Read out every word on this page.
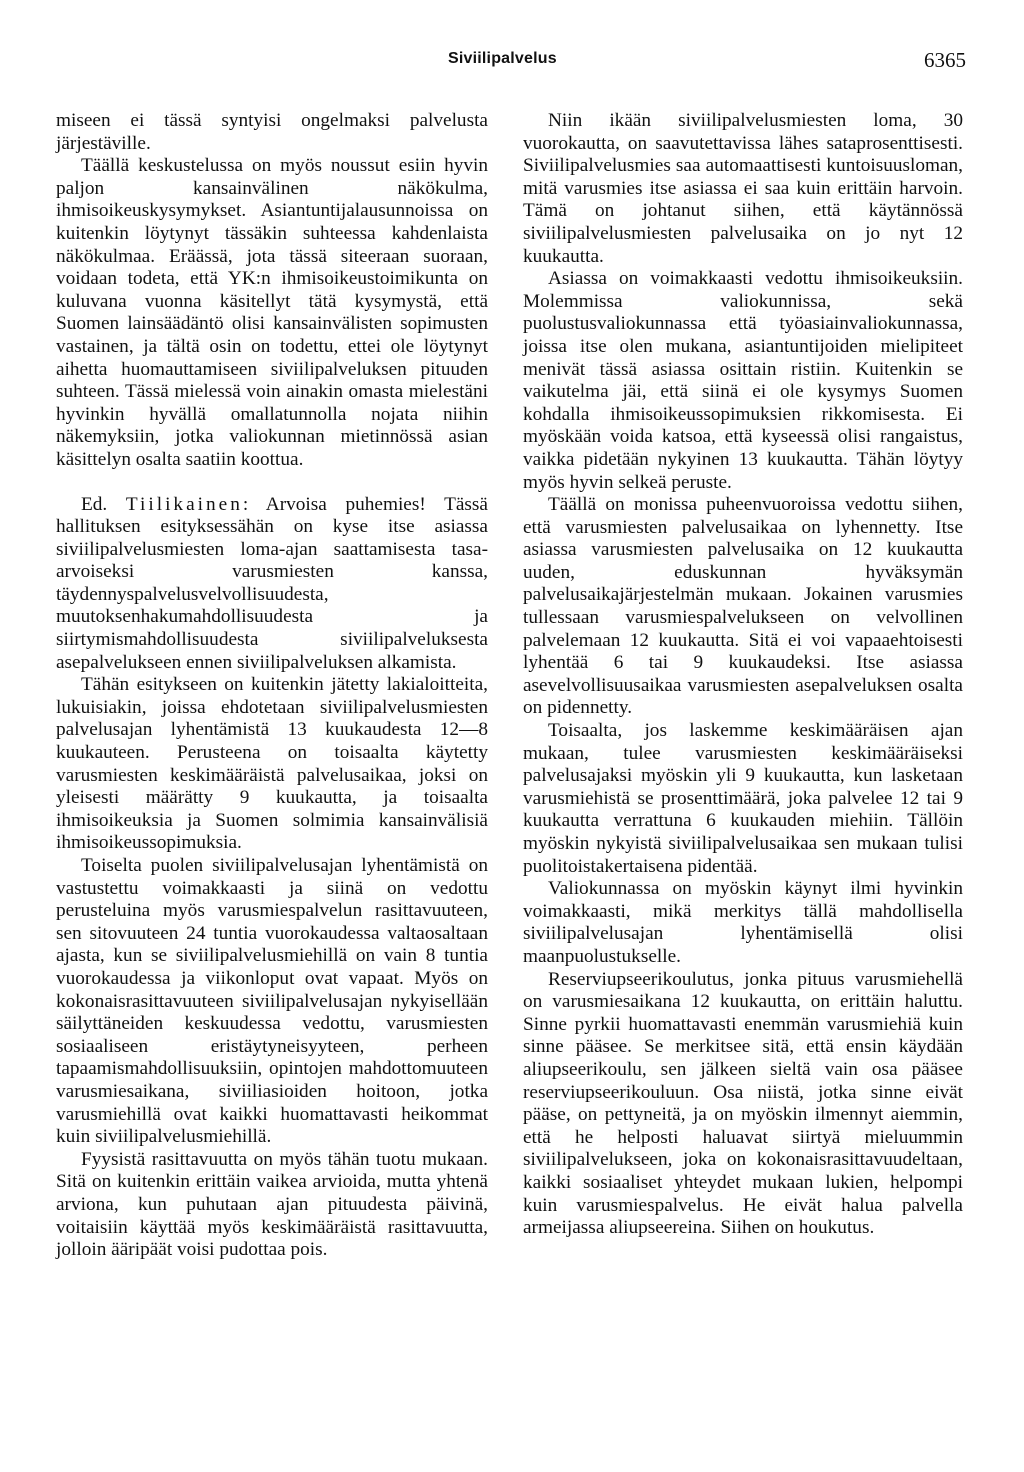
Siviilipalvelus	6365

miseen ei tässä syntyisi ongelmaksi palvelusta järjestäville.

Täällä keskustelussa on myös noussut esiin hyvin paljon kansainvälinen näkökulma, ihmisoikeuskysymykset. Asiantuntijalausunnoissa on kuitenkin löytynyt tässäkin suhteessa kahdenlaista näkökulmaa. Eräässä, jota tässä siteeraan suoraan, voidaan todeta, että YK:n ihmisoikeustoimikunta on kuluvana vuonna käsitellyt tätä kysymystä, että Suomen lainsäädäntö olisi kansainvälisten sopimusten vastainen, ja tältä osin on todettu, ettei ole löytynyt aihetta huomauttamiseen siviilipalveluksen pituuden suhteen. Tässä mielessä voin ainakin omasta mielestäni hyvinkin hyvällä omallatunnolla nojata niihin näkemyksiin, jotka valiokunnan mietinnössä asian käsittelyn osalta saatiin koottua.

Ed. Tiilikainen: Arvoisa puhemies! Tässä hallituksen esityksessähän on kyse itse asiassa siviilipalvelusmiesten loma-ajan saattamisesta tasa-arvoiseksi varusmiesten kanssa, täydennyspalvelusvelvollisuudesta, muutoksenhakumahdollisuudesta ja siirtymismahdollisuudesta siviilipalveluksesta asepalvelukseen ennen siviilipalveluksen alkamista.

Tähän esitykseen on kuitenkin jätetty lakialoitteita, lukuisiakin, joissa ehdotetaan siviilipalvelusmiesten palvelusajan lyhentämistä 13 kuukaudesta 12—8 kuukauteen. Perusteena on toisaalta käytetty varusmiesten keskimääräistä palvelusaikaa, joksi on yleisesti määrätty 9 kuukautta, ja toisaalta ihmisoikeuksia ja Suomen solmimia kansainvälisiä ihmisoikeussopimuksia.

Toiselta puolen siviilipalvelusajan lyhentämistä on vastustettu voimakkaasti ja siinä on vedottu perusteluina myös varusmiespalvelun rasittavuuteen, sen sitovuuteen 24 tuntia vuorokaudessa valtaosaltaan ajasta, kun se siviilipalvelusmiehillä on vain 8 tuntia vuorokaudessa ja viikonloput ovat vapaat. Myös on kokonaisrasittavuuteen siviilipalvelusajan nykyisellään säilyttäneiden keskuudessa vedottu, varusmiesten sosiaaliseen eristäytyneisyyteen, perheen tapaamismahdollisuuksiin, opintojen mahdottomuuteen varusmiesaikana, siviiliasioiden hoitoon, jotka varusmiehillä ovat kaikki huomattavasti heikommat kuin siviilipalvelusmiehillä.

Fyysistä rasittavuutta on myös tähän tuotu mukaan. Sitä on kuitenkin erittäin vaikea arvioida, mutta yhtenä arviona, kun puhutaan ajan pituudesta päivinä, voitaisiin käyttää myös keskimääräistä rasittavuutta, jolloin ääripäät voisi pudottaa pois.

Niin ikään siviilipalvelusmiesten loma, 30 vuorokautta, on saavutettavissa lähes sataprosenttisesti. Siviilipalvelusmies saa automaattisesti kuntoisuusloman, mitä varusmies itse asiassa ei saa kuin erittäin harvoin. Tämä on johtanut siihen, että käytännössä siviilipalvelusmiesten palvelusaika on jo nyt 12 kuukautta.

Asiassa on voimakkaasti vedottu ihmisoikeuksiin. Molemmissa valiokunnissa, sekä puolustusvaliokunnassa että työasiainvaliokunnassa, joissa itse olen mukana, asiantuntijoiden mielipiteet menivät tässä asiassa osittain ristiin. Kuitenkin se vaikutelma jäi, että siinä ei ole kysymys Suomen kohdalla ihmisoikeussopimuksien rikkomisesta. Ei myöskään voida katsoa, että kyseessä olisi rangaistus, vaikka pidetään nykyinen 13 kuukautta. Tähän löytyy myös hyvin selkeä peruste.

Täällä on monissa puheenvuoroissa vedottu siihen, että varusmiesten palvelusaikaa on lyhennetty. Itse asiassa varusmiesten palvelusaika on 12 kuukautta uuden, eduskunnan hyväksymän palvelusaikajärjestelmän mukaan. Jokainen varusmies tullessaan varusmiespalvelukseen on velvollinen palvelemaan 12 kuukautta. Sitä ei voi vapaaehtoisesti lyhentää 6 tai 9 kuukaudeksi. Itse asiassa asevelvollisuusaikaa varusmiesten asepalveluksen osalta on pidennetty.

Toisaalta, jos laskemme keskimääräisen ajan mukaan, tulee varusmiesten keskimääräiseksi palvelusajaksi myöskin yli 9 kuukautta, kun lasketaan varusmiehistä se prosenttimäärä, joka palvelee 12 tai 9 kuukautta verrattuna 6 kuukauden miehiin. Tällöin myöskin nykyistä siviilipalvelusaikaa sen mukaan tulisi puolitoistakertaisena pidentää.

Valiokunnassa on myöskin käynyt ilmi hyvinkin voimakkaasti, mikä merkitys tällä mahdollisella siviilipalvelusajan lyhentämisellä olisi maanpuolustukselle.

Reserviupseerikoulutus, jonka pituus varusmiehellä on varusmiesaikana 12 kuukautta, on erittäin haluttu. Sinne pyrkii huomattavasti enemmän varusmiehiä kuin sinne pääsee. Se merkitsee sitä, että ensin käydään aliupseerikoulu, sen jälkeen sieltä vain osa pääsee reserviupseerikouluun. Osa niistä, jotka sinne eivät pääse, on pettyneitä, ja on myöskin ilmennyt aiemmin, että he helposti haluavat siirtyä mieluummin siviilipalvelukseen, joka on kokonaisrasittavuudeltaan, kaikki sosiaaliset yhteydet mukaan lukien, helpompi kuin varusmiespalvelus. He eivät halua palvella armeijassa aliupseereina. Siihen on houkutus.
